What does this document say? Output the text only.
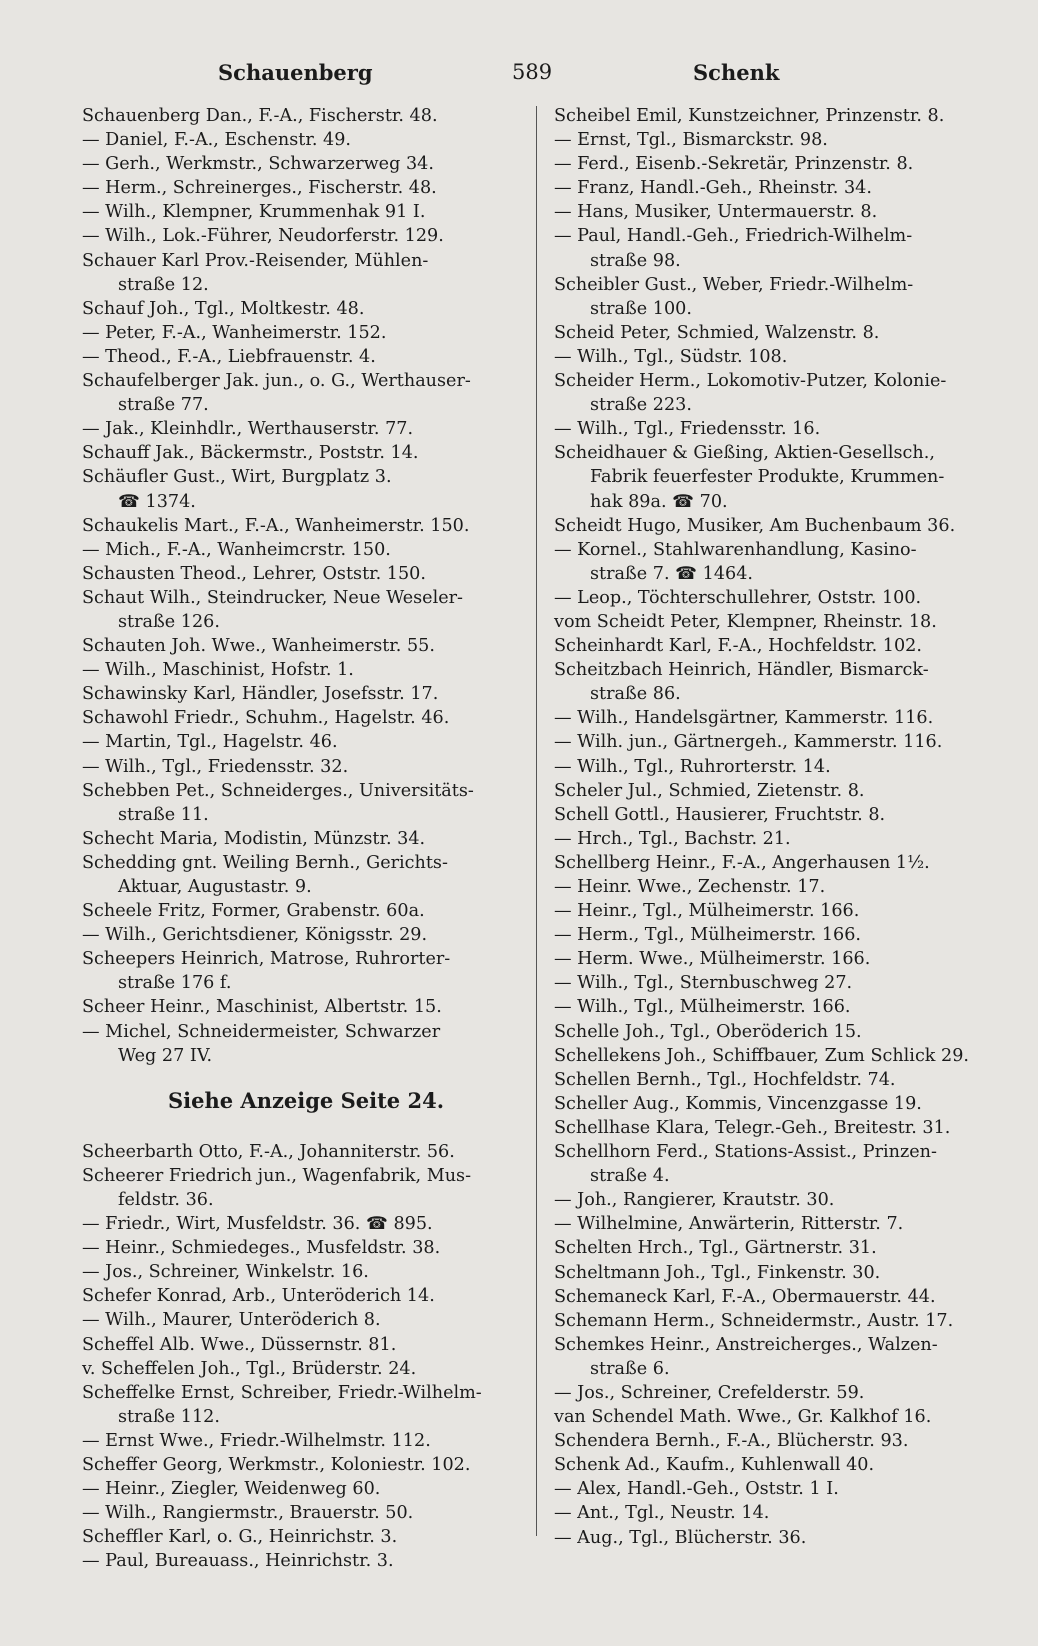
Schauenberg	589	Schenk
Schauenberg Dan., F.-A., Fischerstr. 48.
— Daniel, F.-A., Eschenstr. 49.
— Gerh., Werkmstr., Schwarzerweg 34.
— Herm., Schreinerges., Fischerstr. 48.
— Wilh., Klempner, Krummenhak 91 I.
— Wilh., Lok.-Führer, Neudorferstr. 129.
Schauer Karl Prov.-Reisender, Mühlen-
straße 12.
Schauf Joh., Tgl., Moltkestr. 48.
— Peter, F.-A., Wanheimerstr. 152.
— Theod., F.-A., Liebfrauenstr. 4.
Schaufelberger Jak. jun., o. G., Werthauser-
straße 77.
— Jak., Kleinhdlr., Werthauserstr. 77.
Schauff Jak., Bäckermstr., Poststr. 14.
Schäufler Gust., Wirt, Burgplatz 3.
☎ 1374.
Schaukelis Mart., F.-A., Wanheimerstr. 150.
— Mich., F.-A., Wanheimcrstr. 150.
Schausten Theod., Lehrer, Oststr. 150.
Schaut Wilh., Steindrucker, Neue Weseler-
straße 126.
Schauten Joh. Wwe., Wanheimerstr. 55.
— Wilh., Maschinist, Hofstr. 1.
Schawinsky Karl, Händler, Josefsstr. 17.
Schawohl Friedr., Schuhm., Hagelstr. 46.
— Martin, Tgl., Hagelstr. 46.
— Wilh., Tgl., Friedensstr. 32.
Schebben Pet., Schneiderges., Universitäts-
straße 11.
Schecht Maria, Modistin, Münzstr. 34.
Schedding gnt. Weiling Bernh., Gerichts-
Aktuar, Augustastr. 9.
Scheele Fritz, Former, Grabenstr. 60a.
— Wilh., Gerichtsdiener, Königsstr. 29.
Scheepers Heinrich, Matrose, Ruhrorter-
straße 176 f.
Scheer Heinr., Maschinist, Albertstr. 15.
— Michel, Schneidermeister, Schwarzer
Weg 27 IV.
Siehe Anzeige Seite 24.
Scheerbarth Otto, F.-A., Johanniterstr. 56.
Scheerer Friedrich jun., Wagenfabrik, Mus-
feldstr. 36.
— Friedr., Wirt, Musfeldstr. 36. ☎ 895.
— Heinr., Schmiedeges., Musfeldstr. 38.
— Jos., Schreiner, Winkelstr. 16.
Schefer Konrad, Arb., Unteröderich 14.
— Wilh., Maurer, Unteröderich 8.
Scheffel Alb. Wwe., Düssernstr. 81.
v. Scheffelen Joh., Tgl., Brüderstr. 24.
Scheffelke Ernst, Schreiber, Friedr.-Wilhelm-
straße 112.
— Ernst Wwe., Friedr.-Wilhelmstr. 112.
Scheffer Georg, Werkmstr., Koloniestr. 102.
— Heinr., Ziegler, Weidenweg 60.
— Wilh., Rangiermstr., Brauerstr. 50.
Scheffler Karl, o. G., Heinrichstr. 3.
— Paul, Bureauass., Heinrichstr. 3.
Scheibel Emil, Kunstzeichner, Prinzenstr. 8.
— Ernst, Tgl., Bismarckstr. 98.
— Ferd., Eisenb.-Sekretär, Prinzenstr. 8.
— Franz, Handl.-Geh., Rheinstr. 34.
— Hans, Musiker, Untermauerstr. 8.
— Paul, Handl.-Geh., Friedrich-Wilhelm-
straße 98.
Scheibler Gust., Weber, Friedr.-Wilhelm-
straße 100.
Scheid Peter, Schmied, Walzenstr. 8.
— Wilh., Tgl., Südstr. 108.
Scheider Herm., Lokomotiv-Putzer, Kolonie-
straße 223.
— Wilh., Tgl., Friedensstr. 16.
Scheidhauer & Gießing, Aktien-Gesellsch.,
Fabrik feuerfester Produkte, Krummen-
hak 89a. ☎ 70.
Scheidt Hugo, Musiker, Am Buchenbaum 36.
— Kornel., Stahlwarenhandlung, Kasino-
straße 7. ☎ 1464.
— Leop., Töchterschullehrer, Oststr. 100.
vom Scheidt Peter, Klempner, Rheinstr. 18.
Scheinhardt Karl, F.-A., Hochfeldstr. 102.
Scheitzbach Heinrich, Händler, Bismarck-
straße 86.
— Wilh., Handelsgärtner, Kammerstr. 116.
— Wilh. jun., Gärtnergeh., Kammerstr. 116.
— Wilh., Tgl., Ruhrorterstr. 14.
Scheler Jul., Schmied, Zietenstr. 8.
Schell Gottl., Hausierer, Fruchtstr. 8.
— Hrch., Tgl., Bachstr. 21.
Schellberg Heinr., F.-A., Angerhausen 1½.
— Heinr. Wwe., Zechenstr. 17.
— Heinr., Tgl., Mülheimerstr. 166.
— Herm., Tgl., Mülheimerstr. 166.
— Herm. Wwe., Mülheimerstr. 166.
— Wilh., Tgl., Sternbuschweg 27.
— Wilh., Tgl., Mülheimerstr. 166.
Schelle Joh., Tgl., Oberöderich 15.
Schellekens Joh., Schiffbauer, Zum Schlick 29.
Schellen Bernh., Tgl., Hochfeldstr. 74.
Scheller Aug., Kommis, Vincenzgasse 19.
Schellhase Klara, Telegr.-Geh., Breitestr. 31.
Schellhorn Ferd., Stations-Assist., Prinzen-
straße 4.
— Joh., Rangierer, Krautstr. 30.
— Wilhelmine, Anwärterin, Ritterstr. 7.
Schelten Hrch., Tgl., Gärtnerstr. 31.
Scheltmann Joh., Tgl., Finkenstr. 30.
Schemaneck Karl, F.-A., Obermauerstr. 44.
Schemann Herm., Schneidermstr., Austr. 17.
Schemkes Heinr., Anstreicherges., Walzen-
straße 6.
— Jos., Schreiner, Crefelderstr. 59.
van Schendel Math. Wwe., Gr. Kalkhof 16.
Schendera Bernh., F.-A., Blücherstr. 93.
Schenk Ad., Kaufm., Kuhlenwall 40.
— Alex, Handl.-Geh., Oststr. 1 I.
— Ant., Tgl., Neustr. 14.
— Aug., Tgl., Blücherstr. 36.
